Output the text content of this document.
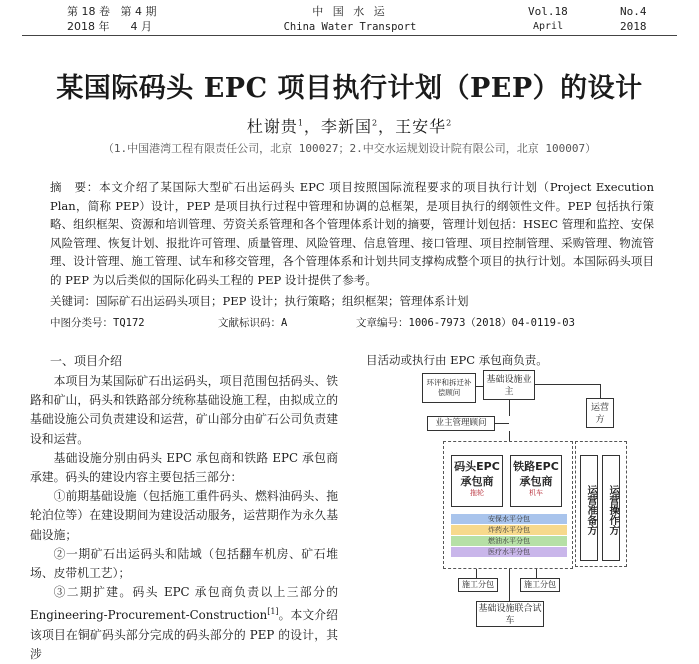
第 18 卷 第 4 期
2018 年 4 月
中 国 水 运
China Water Transport
Vol.18	No.4
April	2018
某国际码头 EPC 项目执行计划（PEP）的设计
杜谢贵$^1$，李新国$^2$，王安华$^2$
（1.中国港湾工程有限责任公司，北京 100027；2.中交水运规划设计院有限公司，北京 100007）
摘　要：本文介绍了某国际大型矿石出运码头 EPC 项目按照国际流程要求的项目执行计划（Project Execution Plan，简称 PEP）设计，PEP 是项目执行过程中管理和协调的总框架，是项目执行的纲领性文件。PEP 包括执行策略、组织框架、资源和培训管理、劳资关系管理和各个管理体系计划的摘要，管理计划包括：HSEC 管理和监控、安保风险管理、恢复计划、报批许可管理、质量管理、风险管理、信息管理、接口管理、项目控制管理、采购管理、物流管理、设计管理、施工管理、试车和移交管理，各个管理体系和计划共同支撑构成整个项目的执行计划。本国际码头项目的 PEP 为以后类似的国际化码头工程的 PEP 设计提供了参考。
关键词：国际矿石出运码头项目；PEP 设计；执行策略；组织框架；管理体系计划
中图分类号：TQ172	文献标识码：A	文章编号：1006-7973（2018）04-0119-03
一、项目介绍

本项目为某国际矿石出运码头，项目范围包括码头、铁路和矿山，码头和铁路部分统称基础设施工程，由拟成立的基础设施公司负责建设和运营，矿山部分由矿石公司负责建设和运营。

基础设施分别由码头 EPC 承包商和铁路 EPC 承包商承建。码头的建设内容主要包括三部分：

①前期基础设施（包括施工重件码头、燃料油码头、拖轮泊位等）在建设期间为建设活动服务，运营期作为永久基础设施；

②一期矿石出运码头和陆域（包括翻车机房、矿石堆场、皮带机工艺）；

③二期扩建。码头 EPC 承包商负责以上三部分的 Engineering-Procurement-Construction[1]。本文介绍该项目在铜矿码头部分完成的码头部分的 PEP 的设计，其涉

目活动或执行由 EPC 承包商负责。
环评和拆迁补偿顾问
基础设施业主
运营方
业主管理顾问
码头EPC承包商
拖轮
铁路EPC承包商
机车	运营准备方	运营操作方
安保水平分包
炸药水平分包
燃油水平分包
医疗水平分包
施工分包	施工分包
基础设施联合试车
